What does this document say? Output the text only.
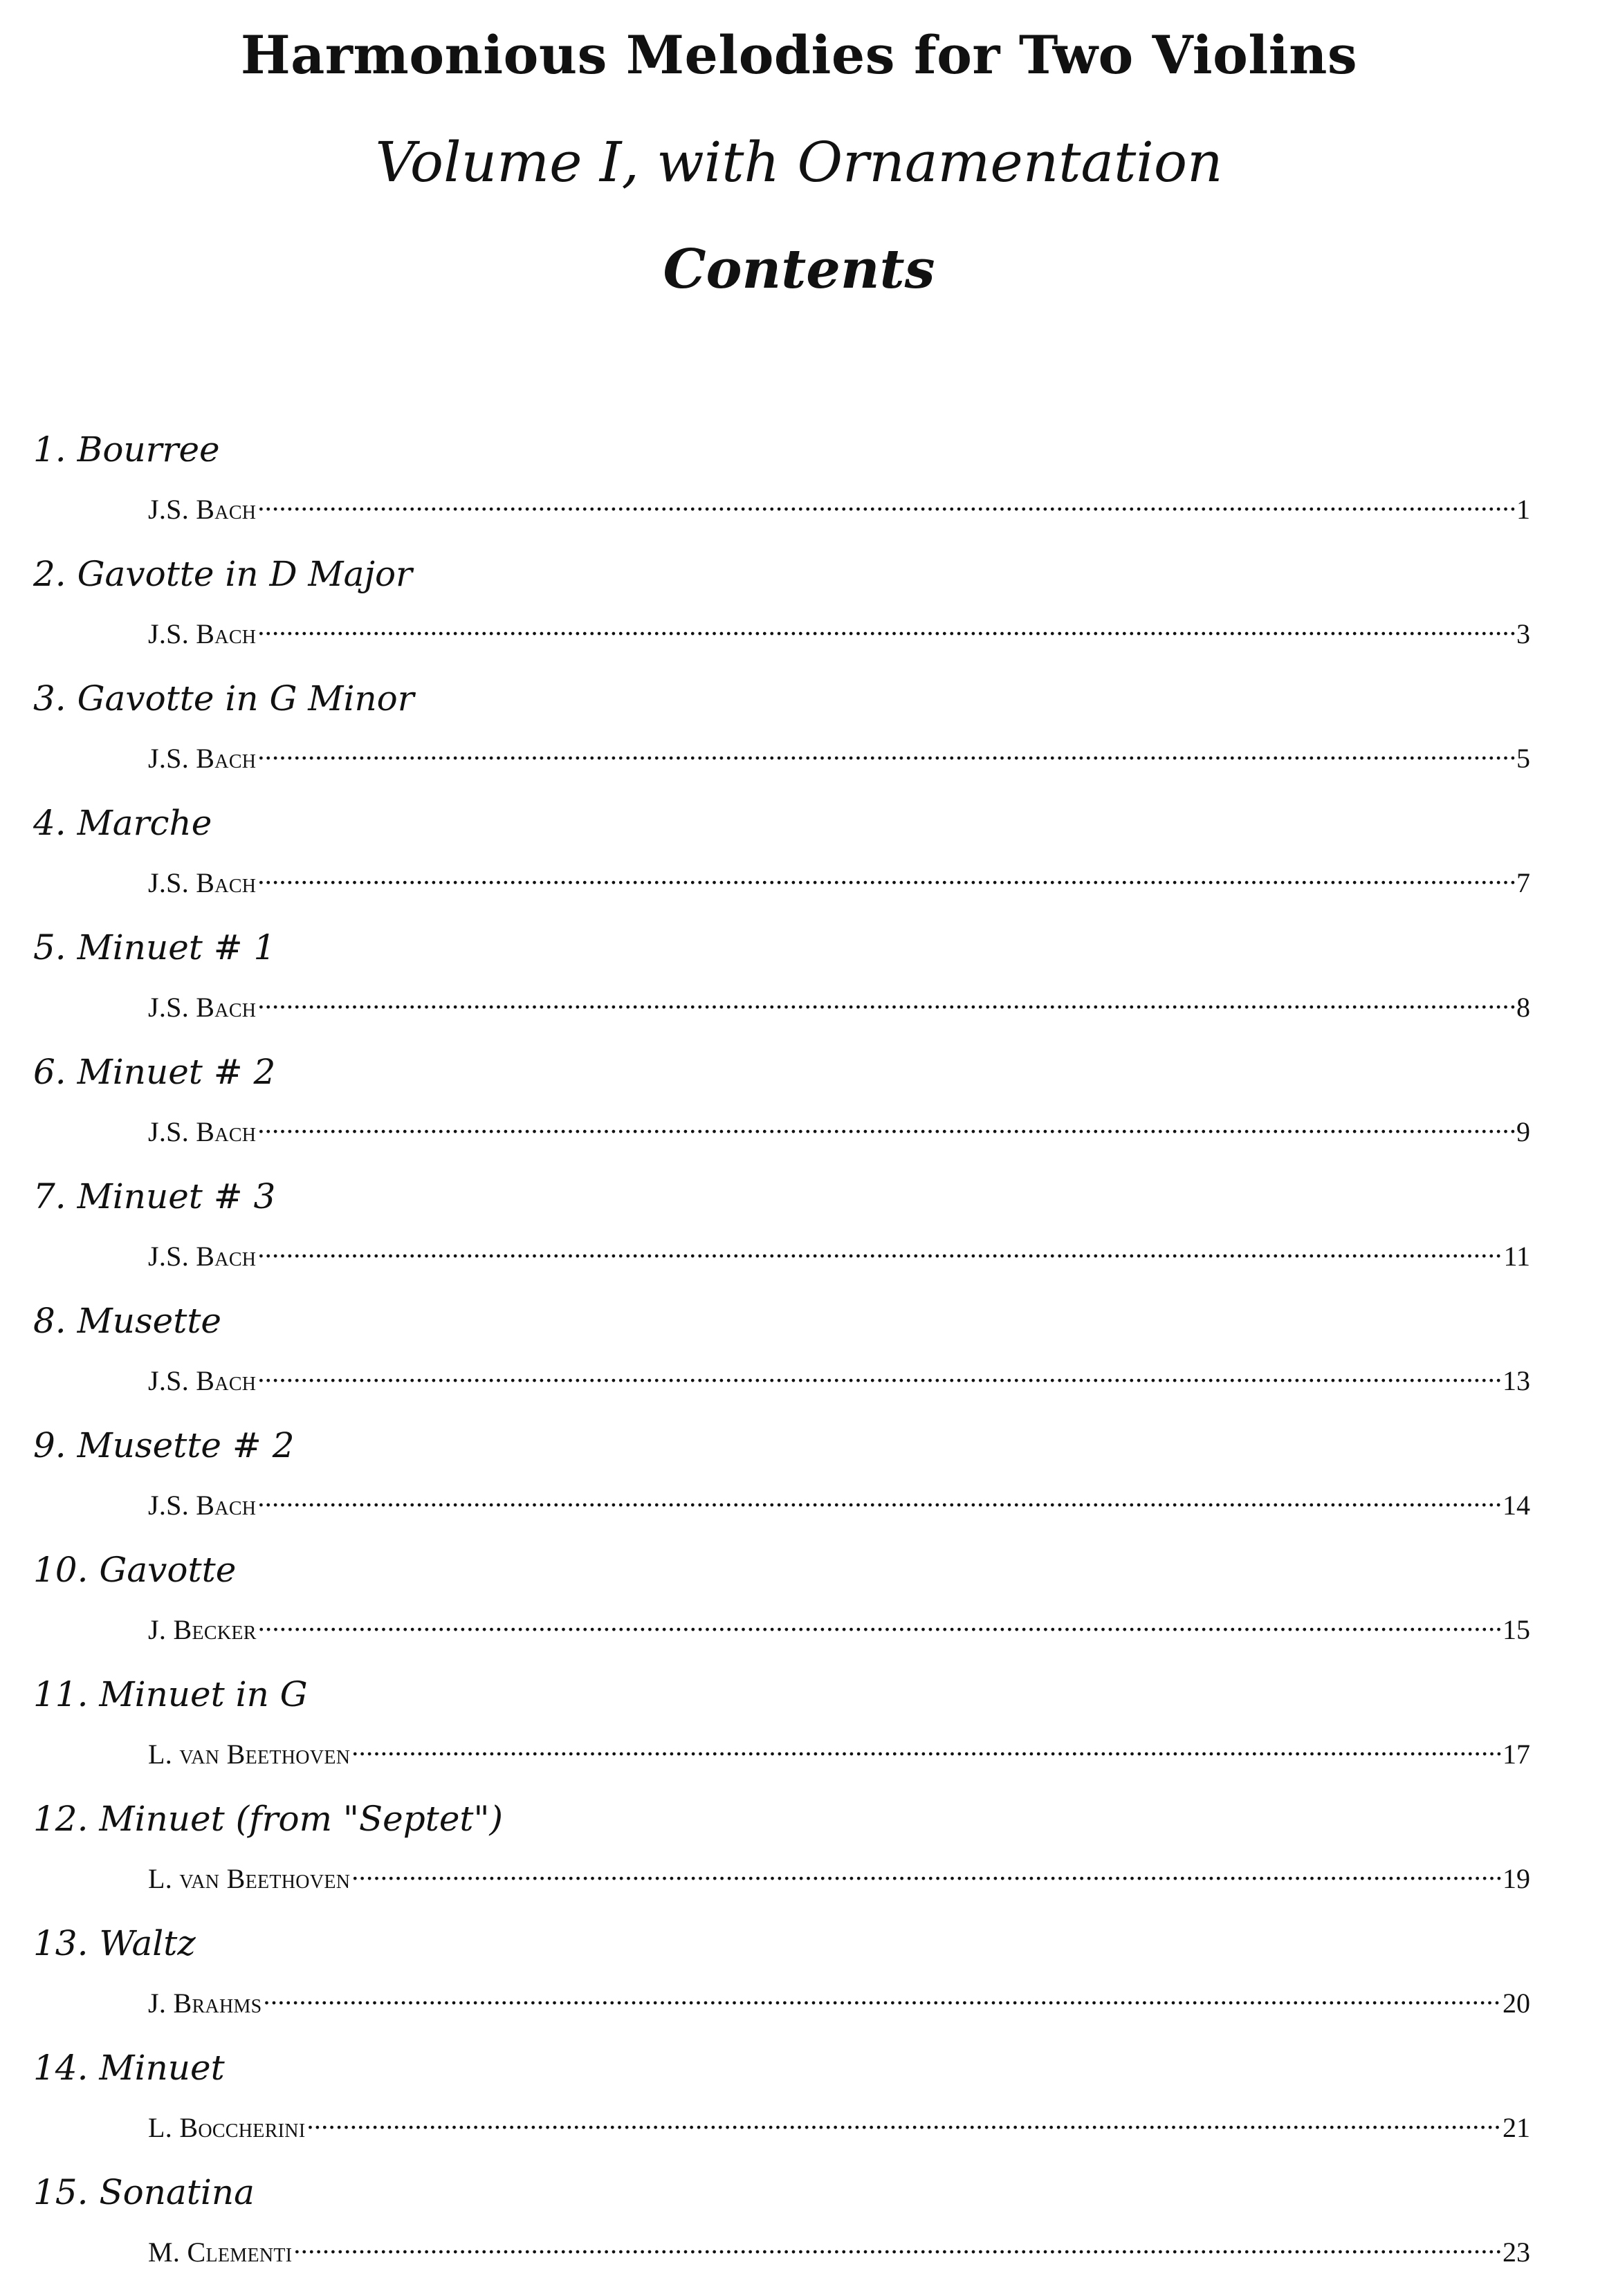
Harmonious Melodies for Two Violins
Volume I, with Ornamentation
Contents
1. Bourree
J.S. Bach .....	1
2. Gavotte in D Major
J.S. Bach .....	3
3. Gavotte in G Minor
J.S. Bach .....	5
4. Marche
J.S. Bach .....	7
5. Minuet # 1
J.S. Bach .....	8
6. Minuet # 2
J.S. Bach .....	9
7. Minuet # 3
J.S. Bach .....	11
8. Musette
J.S. Bach .....	13
9. Musette # 2
J.S. Bach .....	14
10. Gavotte
J. Becker .....	15
11. Minuet in G
L. van Beethoven .....	17
12. Minuet (from "Septet")
L. van Beethoven .....	19
13. Waltz
J. Brahms .....	20
14. Minuet
L. Boccherini .....	21
15. Sonatina
M. Clementi .....	23
